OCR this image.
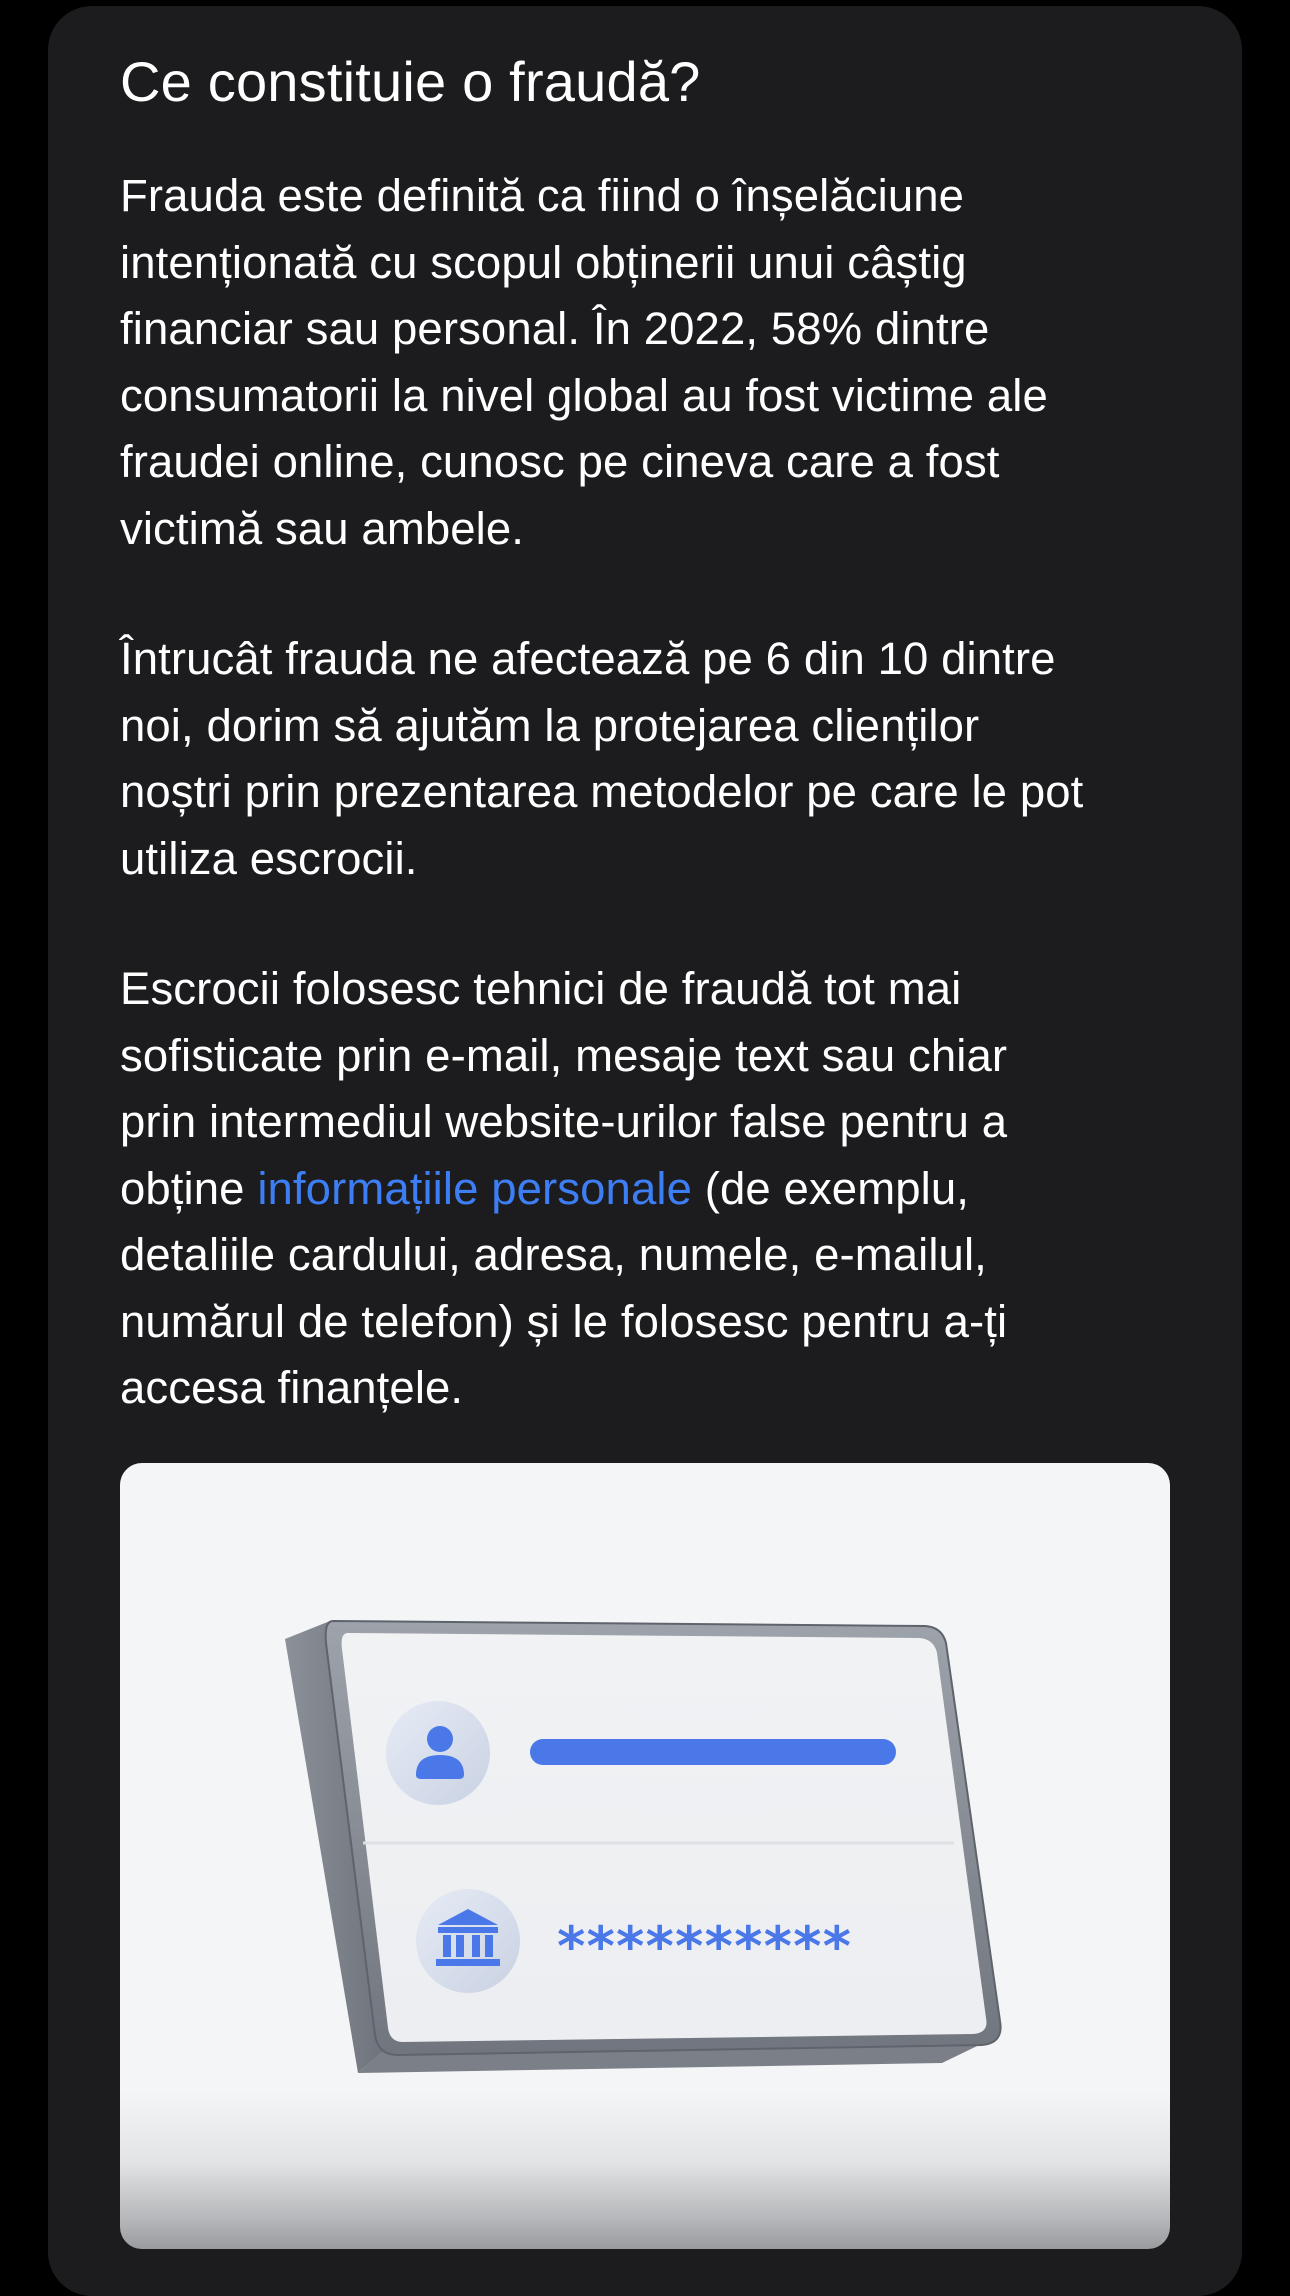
Ce constituie o fraudă?

Frauda este definită ca fiind o înșelăciune
intenționată cu scopul obținerii unui câștig
financiar sau personal. În 2022, 58% dintre
consumatorii la nivel global au fost victime ale
fraudei online, cunosc pe cineva care a fost
victimă sau ambele.

Întrucât frauda ne afectează pe 6 din 10 dintre
noi, dorim să ajutăm la protejarea clienților
noștri prin prezentarea metodelor pe care le pot
utiliza escrocii.

Escrocii folosesc tehnici de fraudă tot mai
sofisticate prin e-mail, mesaje text sau chiar
prin intermediul website-urilor false pentru a
obține informațiile personale (de exemplu,
detaliile cardului, adresa, numele, e-mailul,
numărul de telefon) și le folosesc pentru a-ți
accesa finanțele.

**********
